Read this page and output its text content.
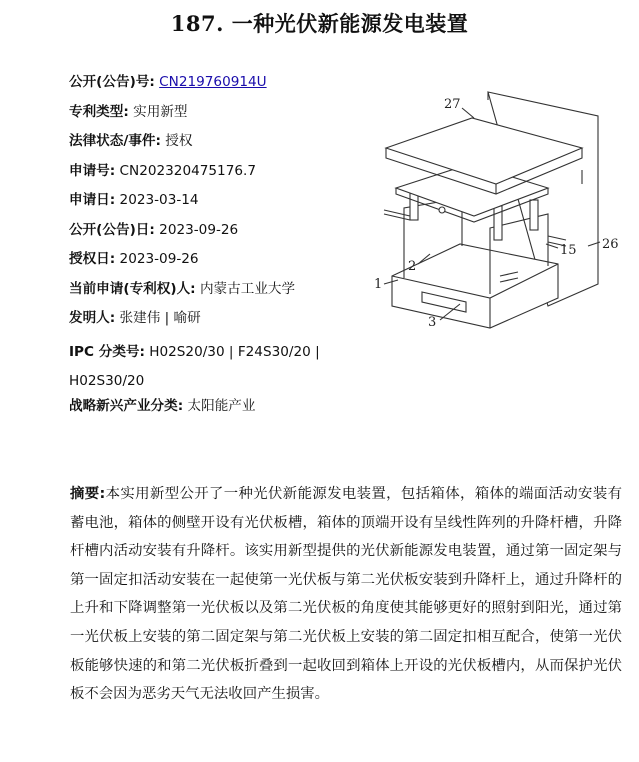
187. 一种光伏新能源发电装置
公开(公告)号: CN219760914U
专利类型: 实用新型
法律状态/事件: 授权
申请号: CN202320475176.7
申请日: 2023-03-14
公开(公告)日: 2023-09-26
授权日: 2023-09-26
当前申请(专利权)人: 内蒙古工业大学
发明人: 张建伟 | 喻研
IPC 分类号: H02S20/30 | F24S30/20 | H02S30/20
战略新兴产业分类: 太阳能产业
27
26
15
1
2
3
摘要:本实用新型公开了一种光伏新能源发电装置，包括箱体，箱体的端面活动安装有蓄电池，箱体的侧壁开设有光伏板槽，箱体的顶端开设有呈线性阵列的升降杆槽，升降杆槽内活动安装有升降杆。该实用新型提供的光伏新能源发电装置，通过第一固定架与第一固定扣活动安装在一起使第一光伏板与第二光伏板安装到升降杆上，通过升降杆的上升和下降调整第一光伏板以及第二光伏板的角度使其能够更好的照射到阳光，通过第一光伏板上安装的第二固定架与第二光伏板上安装的第二固定扣相互配合，使第一光伏板能够快速的和第二光伏板折叠到一起收回到箱体上开设的光伏板槽内，从而保护光伏板不会因为恶劣天气无法收回产生损害。
